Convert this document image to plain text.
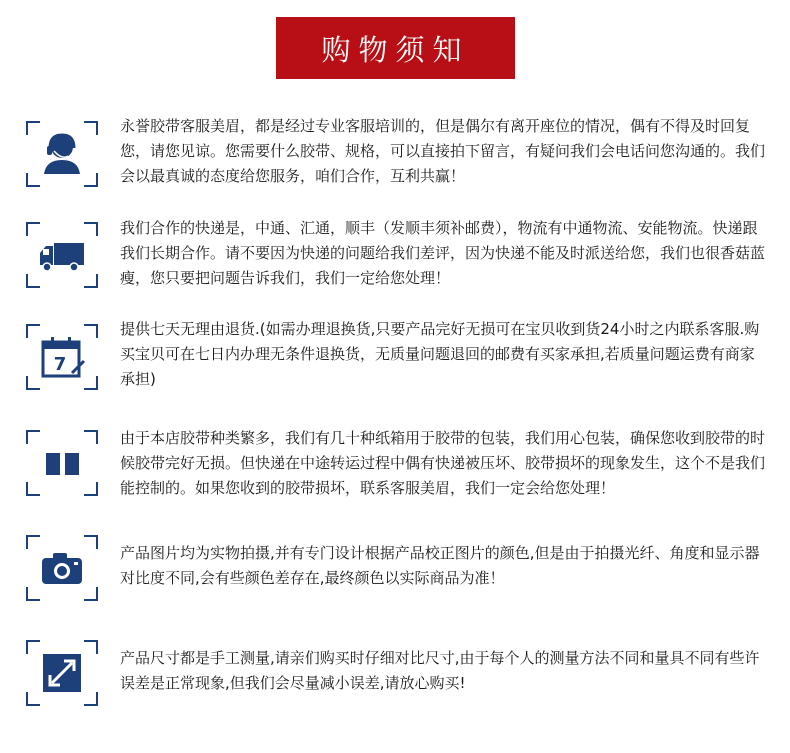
购物须知
永誉胶带客服美眉，都是经过专业客服培训的，但是偶尔有离开座位的情况，偶有不得及时回复您，请您见谅。您需要什么胶带、规格，可以直接拍下留言，有疑问我们会电话问您沟通的。我们会以最真诚的态度给您服务，咱们合作，互利共赢！
我们合作的快递是，中通、汇通，顺丰（发顺丰须补邮费），物流有中通物流、安能物流。快递跟我们长期合作。请不要因为快递的问题给我们差评，因为快递不能及时派送给您，我们也很香菇蓝瘦，您只要把问题告诉我们，我们一定给您处理！
7
提供七天无理由退货.(如需办理退换货,只要产品完好无损可在宝贝收到货24小时之内联系客服.购买宝贝可在七日内办理无条件退换货，无质量问题退回的邮费有买家承担,若质量问题运费有商家承担)
由于本店胶带种类繁多，我们有几十种纸箱用于胶带的包装，我们用心包装，确保您收到胶带的时候胶带完好无损。但快递在中途转运过程中偶有快递被压坏、胶带损坏的现象发生，这个不是我们能控制的。如果您收到的胶带损坏，联系客服美眉，我们一定会给您处理！
产品图片均为实物拍摄,并有专门设计根据产品校正图片的颜色,但是由于拍摄光纤、角度和显示器对比度不同,会有些颜色差存在,最终颜色以实际商品为准！
产品尺寸都是手工测量,请亲们购买时仔细对比尺寸,由于每个人的测量方法不同和量具不同有些许误差是正常现象,但我们会尽量减小误差,请放心购买!
